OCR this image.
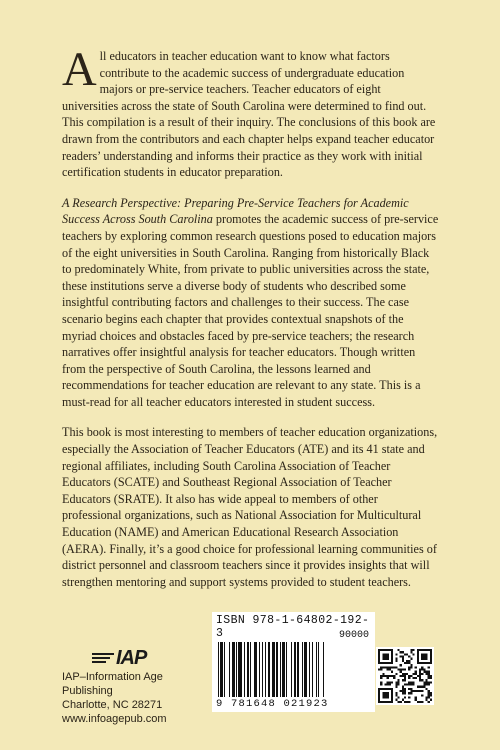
All educators in teacher education want to know what factors contribute to the academic success of undergraduate education majors or pre-service teachers. Teacher educators of eight universities across the state of South Carolina were determined to find out. This compilation is a result of their inquiry. The conclusions of this book are drawn from the contributors and each chapter helps expand teacher educator readers’ understanding and informs their practice as they work with initial certification students in educator preparation.

A Research Perspective: Preparing Pre-Service Teachers for Academic Success Across South Carolina promotes the academic success of pre-service teachers by exploring common research questions posed to education majors of the eight universities in South Carolina. Ranging from historically Black to predominately White, from private to public universities across the state, these institutions serve a diverse body of students who described some insightful contributing factors and challenges to their success. The case scenario begins each chapter that provides contextual snapshots of the myriad choices and obstacles faced by pre-service teachers; the research narratives offer insightful analysis for teacher educators. Though written from the perspective of South Carolina, the lessons learned and recommendations for teacher education are relevant to any state. This is a must-read for all teacher educators interested in student success.

This book is most interesting to members of teacher education organizations, especially the Association of Teacher Educators (ATE) and its 41 state and regional affiliates, including South Carolina Association of Teacher Educators (SCATE) and Southeast Regional Association of Teacher Educators (SRATE). It also has wide appeal to members of other professional organizations, such as National Association for Multicultural Education (NAME) and American Educational Research Association (AERA). Finally, it’s a good choice for professional learning communities of district personnel and classroom teachers since it provides insights that will strengthen mentoring and support systems provided to student teachers.

IAP
IAP–Information Age Publishing
Charlotte, NC 28271
www.infoagepub.com
ISBN 978-1-64802-192-3	90000
9 781648 021923
